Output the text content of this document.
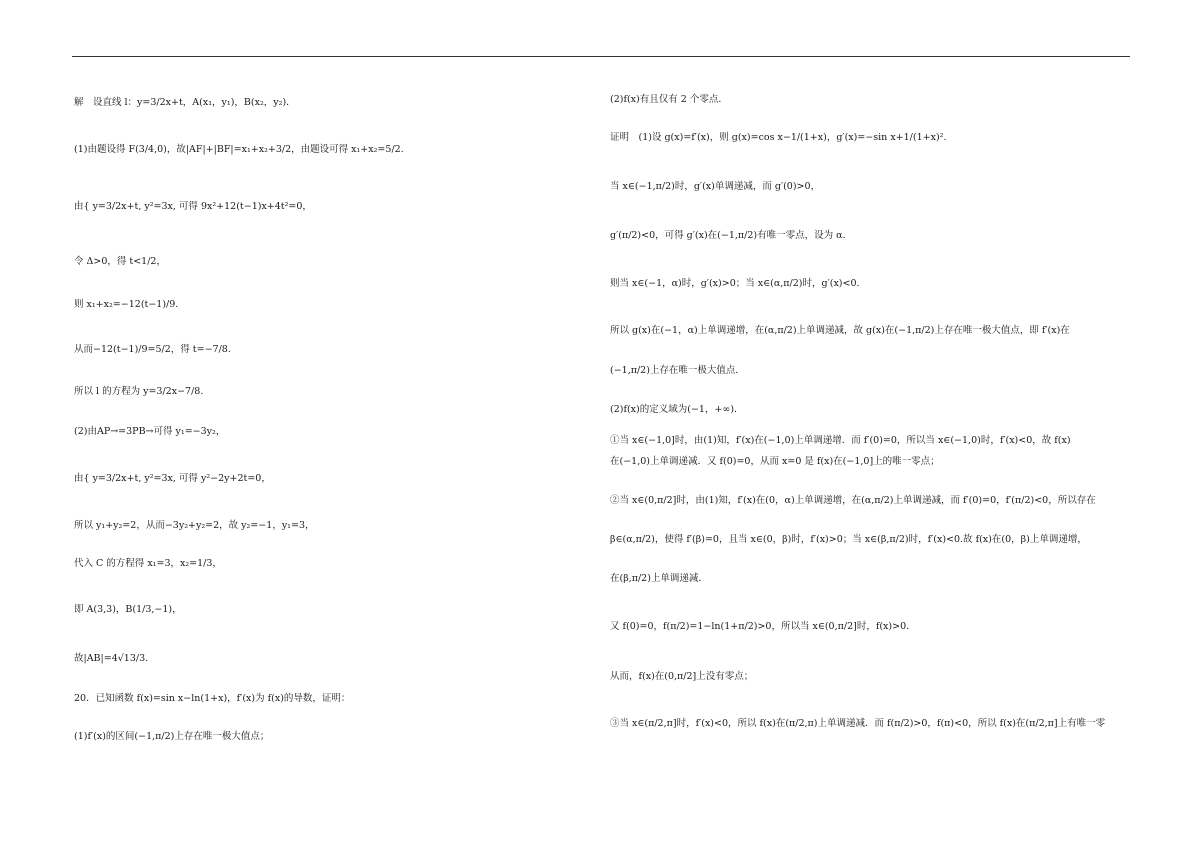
解　设直线 l：y=3/2x+t，A(x₁，y₁)，B(x₂，y₂)．
(1)由题设得 F(3/4,0)，故|AF|+|BF|=x₁+x₂+3/2，由题设可得 x₁+x₂=5/2.
由{ y=3/2x+t, y²=3x, 可得 9x²+12(t−1)x+4t²=0，
令 Δ>0，得 t<1/2，
则 x₁+x₂=−12(t−1)/9.
从而−12(t−1)/9=5/2，得 t=−7/8.
所以 l 的方程为 y=3/2x−7/8.
(2)由AP→=3PB→可得 y₁=−3y₂，
由{ y=3/2x+t, y²=3x, 可得 y²−2y+2t=0，
所以 y₁+y₂=2，从而−3y₂+y₂=2，故 y₂=−1，y₁=3，
代入 C 的方程得 x₁=3，x₂=1/3，
即 A(3,3)，B(1/3,−1)，
故|AB|=4√13/3.
20．已知函数 f(x)=sin x−ln(1+x)，f′(x)为 f(x)的导数，证明：
(1)f′(x)的区间(−1,π/2)上存在唯一极大值点；
(2)f(x)有且仅有 2 个零点．
证明　(1)设 g(x)=f′(x)，则 g(x)=cos x−1/(1+x)，g′(x)=−sin x+1/(1+x)².
当 x∈(−1,π/2)时，g′(x)单调递减，而 g′(0)>0，
g′(π/2)<0，可得 g′(x)在(−1,π/2)有唯一零点，设为 α.
则当 x∈(−1，α)时，g′(x)>0；当 x∈(α,π/2)时，g′(x)<0.
所以 g(x)在(−1，α)上单调递增，在(α,π/2)上单调递减，故 g(x)在(−1,π/2)上存在唯一极大值点，即 f′(x)在
(−1,π/2)上存在唯一极大值点．
(2)f(x)的定义域为(−1，+∞)．
①当 x∈(−1,0]时，由(1)知，f′(x)在(−1,0)上单调递增．而 f′(0)=0，所以当 x∈(−1,0)时，f′(x)<0，故 f(x)
在(−1,0)上单调递减．又 f(0)=0，从而 x=0 是 f(x)在(−1,0]上的唯一零点；
②当 x∈(0,π/2]时，由(1)知，f′(x)在(0，α)上单调递增，在(α,π/2)上单调递减，而 f′(0)=0，f′(π/2)<0，所以存在
β∈(α,π/2)，使得 f′(β)=0，且当 x∈(0，β)时，f′(x)>0；当 x∈(β,π/2)时，f′(x)<0.故 f(x)在(0，β)上单调递增，
在(β,π/2)上单调递减．
又 f(0)=0，f(π/2)=1−ln(1+π/2)>0，所以当 x∈(0,π/2]时，f(x)>0.
从而，f(x)在(0,π/2]上没有零点；
③当 x∈(π/2,π]时，f′(x)<0，所以 f(x)在(π/2,π)上单调递减．而 f(π/2)>0，f(π)<0，所以 f(x)在(π/2,π]上有唯一零
